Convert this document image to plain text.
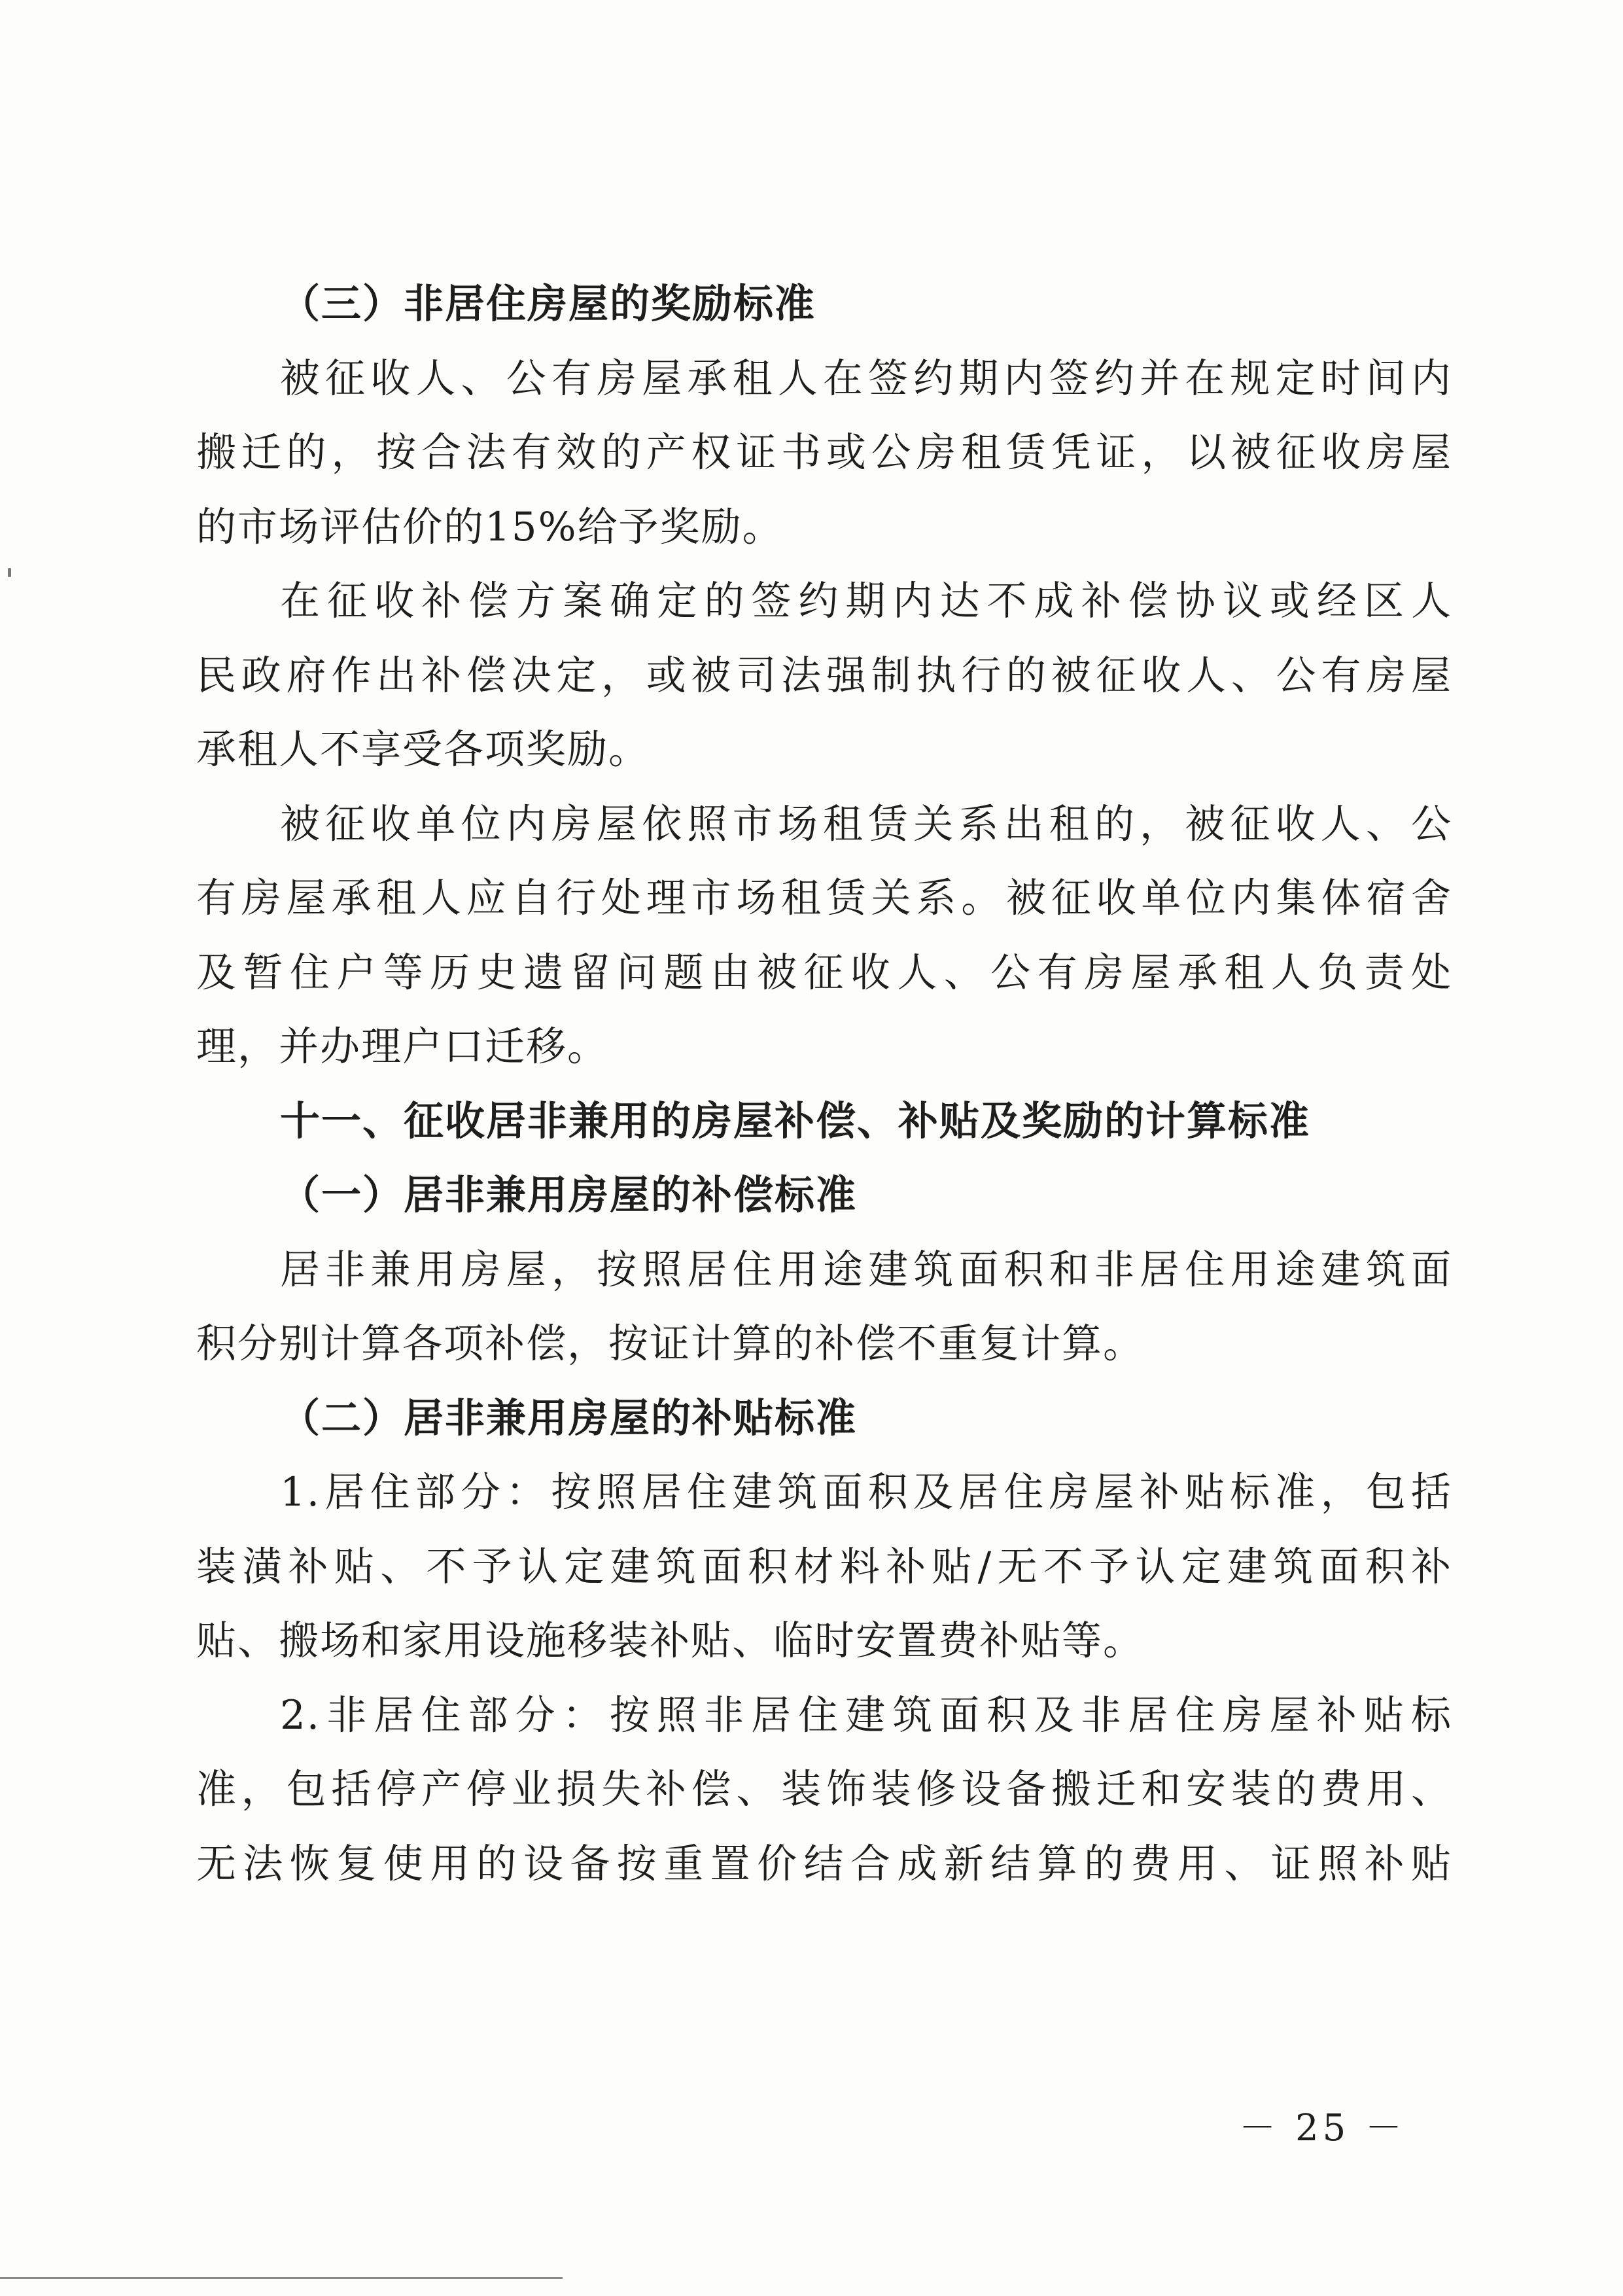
（三）非居住房屋的奖励标准

被征收人、公有房屋承租人在签约期内签约并在规定时间内

搬迁的，按合法有效的产权证书或公房租赁凭证，以被征收房屋

的市场评估价的15%给予奖励。

在征收补偿方案确定的签约期内达不成补偿协议或经区人

民政府作出补偿决定，或被司法强制执行的被征收人、公有房屋

承租人不享受各项奖励。

被征收单位内房屋依照市场租赁关系出租的，被征收人、公

有房屋承租人应自行处理市场租赁关系。被征收单位内集体宿舍

及暂住户等历史遗留问题由被征收人、公有房屋承租人负责处

理，并办理户口迁移。

十一、征收居非兼用的房屋补偿、补贴及奖励的计算标准

（一）居非兼用房屋的补偿标准

居非兼用房屋，按照居住用途建筑面积和非居住用途建筑面

积分别计算各项补偿，按证计算的补偿不重复计算。

（二）居非兼用房屋的补贴标准

1.居住部分：按照居住建筑面积及居住房屋补贴标准，包括

装潢补贴、不予认定建筑面积材料补贴/无不予认定建筑面积补

贴、搬场和家用设施移装补贴、临时安置费补贴等。

2.非居住部分：按照非居住建筑面积及非居住房屋补贴标

准，包括停产停业损失补偿、装饰装修设备搬迁和安装的费用、

无法恢复使用的设备按重置价结合成新结算的费用、证照补贴

－ 25 －
